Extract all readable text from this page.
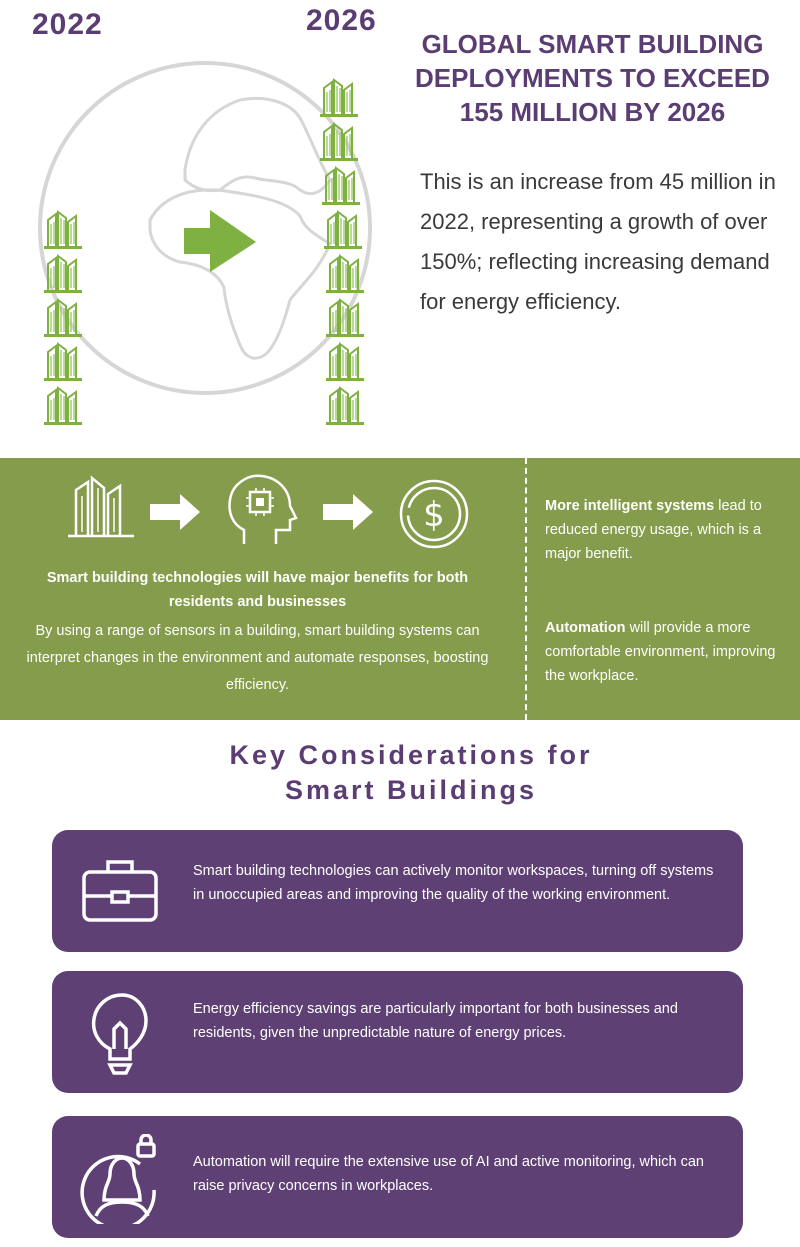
2022	2026
GLOBAL SMART BUILDING DEPLOYMENTS TO EXCEED 155 MILLION BY 2026
This is an increase from 45 million in 2022, representing a growth of over 150%; reflecting increasing demand for energy efficiency.
$
Smart building technologies will have major benefits for both residents and businesses
By using a range of sensors in a building, smart building systems can interpret changes in the environment and automate responses, boosting efficiency.
More intelligent systems lead to reduced energy usage, which is a major benefit.
Automation will provide a more comfortable environment, improving the workplace.
Key Considerations for
Smart Buildings
Smart building technologies can actively monitor workspaces, turning off systems in unoccupied areas and improving the quality of the working environment.
Energy efficiency savings are particularly important for both businesses and residents, given the unpredictable nature of energy prices.
Automation will require the extensive use of AI and active monitoring, which can raise privacy concerns in workplaces.
